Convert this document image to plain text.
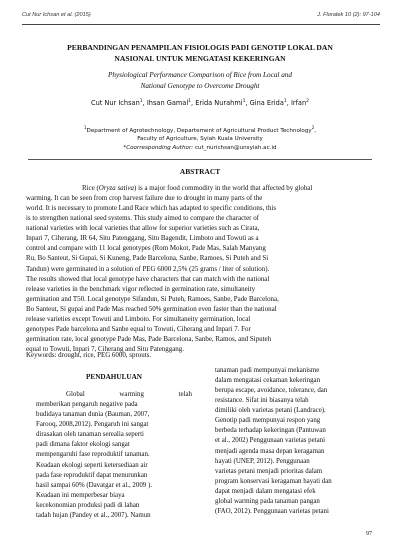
Cut Nur Ichsan et al. (2015)	J. Floratek 10 (2): 97-104
PERBANDINGAN PENAMPILAN FISIOLOGIS PADI GENOTIP LOKAL DAN
NASIONAL UNTUK MENGATASI KEKERINGAN
Physiological Performance Comparison of Rice from Local and
National Genotype to Overcome Drought
Cut Nur Ichsan$^1$, Ihsan Gamal$^1$, Erida Nurahmi$^1$, Gina Erida$^1$, Irfan$^2$
$^1$Department of Agrotechnology, Departement of Agricultural Product Technology$^2$,
Faculty of Agriculture, Syiah Kuala University
*Coorresponding Author: cut_nurichsan@unsyiah.ac.id
ABSTRACT
Rice (Oryza sativa) is a major food commodity in the world that affected by global
warming. It can be seen from crop harvest failure due to drought in many parts of the
world. It is necessary to promote Land Race which has adapted to specific conditions, this
is to strengthen national seed systems. This study aimed to compare the character of
national varieties with local varieties that allow for superior varieties such as Cirata,
Inpari 7, Ciherang, IR 64, Situ Patenggang, Situ Bagendit, Limboto and Towuti as a
control and compare with 11 local genotypes (Rom Mokot, Pade Mas, Salah Manyang
Ru, Bo Santeut, Si Gupai, Si Kuneng, Pade Barcelona, Sanbe, Ramoes, Si Puteh and Si
Tandun) were germinated in a solution of PEG 6000 2,5% (25 grams / liter of solution).
The results showed that local genotype have characters that can match with the national
release varieties in the benchmark vigor reflected in germination rate, simultaneity
germination and T50. Local genotype Sifandun, Si Puteh, Ramoes, Sanbe, Pade Barcelona,
Bo Santeut, Si gupai and Pade Mas reached 50% germination even faster than the national
release varieties except Towuti and Limboto. For simultaneity germination, local
genotypes Pade barcelona and Sanbe equal to Towuti, Ciherang and Inpari 7. For
germination rate, local genotype Pade Mas, Pade Barcelona, Sanbe, Ramos, and Siputeh
equal to Towuti, Inpari 7, Ciherang and Situ Patenggang.
Keywords: drought, rice, PEG 6000, sprouts.
PENDAHULUAN
Global	warming	telah
memberikan pengaruh negative pada
budidaya tanaman dunia (Bauman, 2007,
Farooq, 2008,2012). Pengaruh ini sangat
dirasakan oleh tanaman serealia seperti
padi dimana faktor ekologi sangat
mempengaruhi fase reproduktif tanaman.
Keadaan ekologi seperti ketersediaan air
pada fase reproduktif dapat menurunkan
hasil sampai 60% (Davatgar et al., 2009 ).
Keadaan ini memperbesar biaya
kecekonomian produksi padi di lahan
tadah hujan (Pandey et al., 2007). Namun
tanaman padi mempunyai mekanisme
dalam mengatasi cekaman kekeringan
berupa escape, avoidance, tolerance, dan
resistance. Sifat ini biasanya telah
dimiliki oleh varietas petani (Landrace).
Genotip padi mempunyai respon yang
berbeda terhadap kekeringan (Pantuwan
et al., 2002) Penggunaan varietas petani
menjadi agenda masa depan keragaman
hayati (UNEP, 2012). Penggunaan
varietas petani menjadi prioritas dalam
program konservasi keragaman hayati dan
dapat menjadi dalam mengatasi efek
global warming pada tanaman pangan
(FAO, 2012). Penggunaan varietas petani
97
